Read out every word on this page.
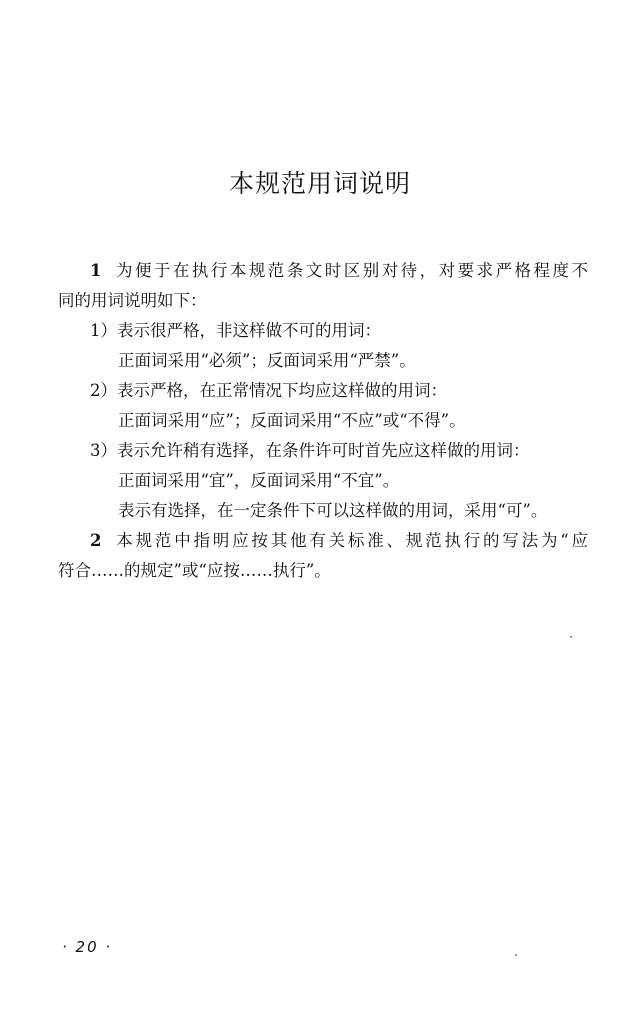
本规范用词说明
1 为便于在执行本规范条文时区别对待，对要求严格程度不
同的用词说明如下：
1）表示很严格，非这样做不可的用词：
正面词采用“必须”；反面词采用“严禁”。
2）表示严格，在正常情况下均应这样做的用词：
正面词采用“应”；反面词采用“不应”或“不得”。
3）表示允许稍有选择，在条件许可时首先应这样做的用词：
正面词采用“宜”，反面词采用“不宜”。
表示有选择，在一定条件下可以这样做的用词，采用“可”。
2 本规范中指明应按其他有关标准、规范执行的写法为“应
符合……的规定”或“应按……执行”。
· 20 ·
